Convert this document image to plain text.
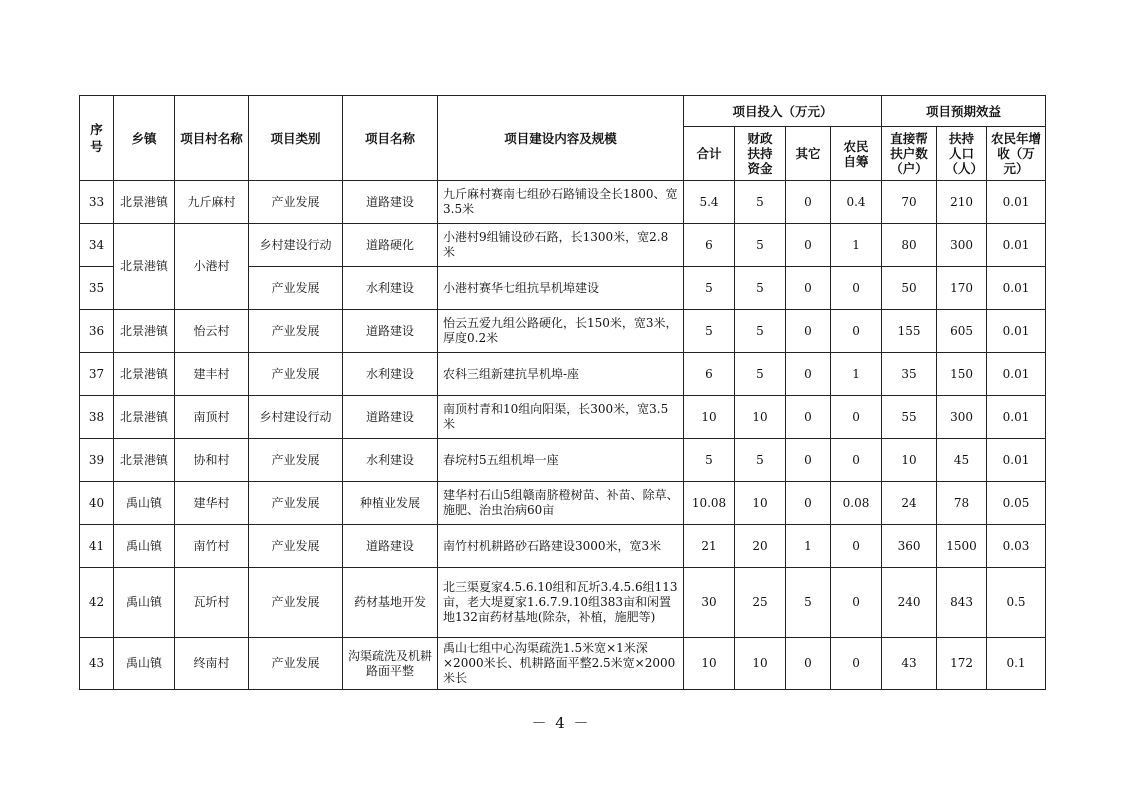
序号	乡镇	项目村名称	项目类别	项目名称	项目建设内容及规模	项目投入（万元）				项目预期效益		
						合计	财政扶持资金	其它	农民自筹	直接帮扶户数（户）	扶持人口（人）	农民年增收（万元）
33	北景港镇	九斤麻村	产业发展	道路建设	九斤麻村赛南七组砂石路铺设全长1800、宽3.5米	5.4	5	0	0.4	70	210	0.01
34	北景港镇	小港村	乡村建设行动	道路硬化	小港村9组铺设砂石路，长1300米，宽2.8米	6	5	0	1	80	300	0.01
35			产业发展	水利建设	小港村赛华七组抗旱机埠建设	5	5	0	0	50	170	0.01
36	北景港镇	怡云村	产业发展	道路建设	怡云五爱九组公路硬化，长150米，宽3米，厚度0.2米	5	5	0	0	155	605	0.01
37	北景港镇	建丰村	产业发展	水利建设	农科三组新建抗旱机埠-座	6	5	0	1	35	150	0.01
38	北景港镇	南顶村	乡村建设行动	道路建设	南顶村青和10组向阳渠，长300米，宽3.5米	10	10	0	0	55	300	0.01
39	北景港镇	协和村	产业发展	水利建设	春垸村5五组机埠一座	5	5	0	0	10	45	0.01
40	禹山镇	建华村	产业发展	种植业发展	建华村石山5组赣南脐橙树苗、补苗、除草、施肥、治虫治病60亩	10.08	10	0	0.08	24	78	0.05
41	禹山镇	南竹村	产业发展	道路建设	南竹村机耕路砂石路建设3000米，宽3米	21	20	1	0	360	1500	0.03
42	禹山镇	瓦圻村	产业发展	药材基地开发	北三渠夏家4.5.6.10组和瓦圻3.4.5.6组113亩，老大堤夏家1.6.7.9.10组383亩和闲置地132亩药材基地(除杂，补植，施肥等)	30	25	5	0	240	843	0.5
43	禹山镇	终南村	产业发展	沟渠疏洗及机耕路面平整	禹山七组中心沟渠疏洗1.5米宽×1米深×2000米长、机耕路面平整2.5米宽×2000米长	10	10	0	0	43	172	0.1
－ 4 －
